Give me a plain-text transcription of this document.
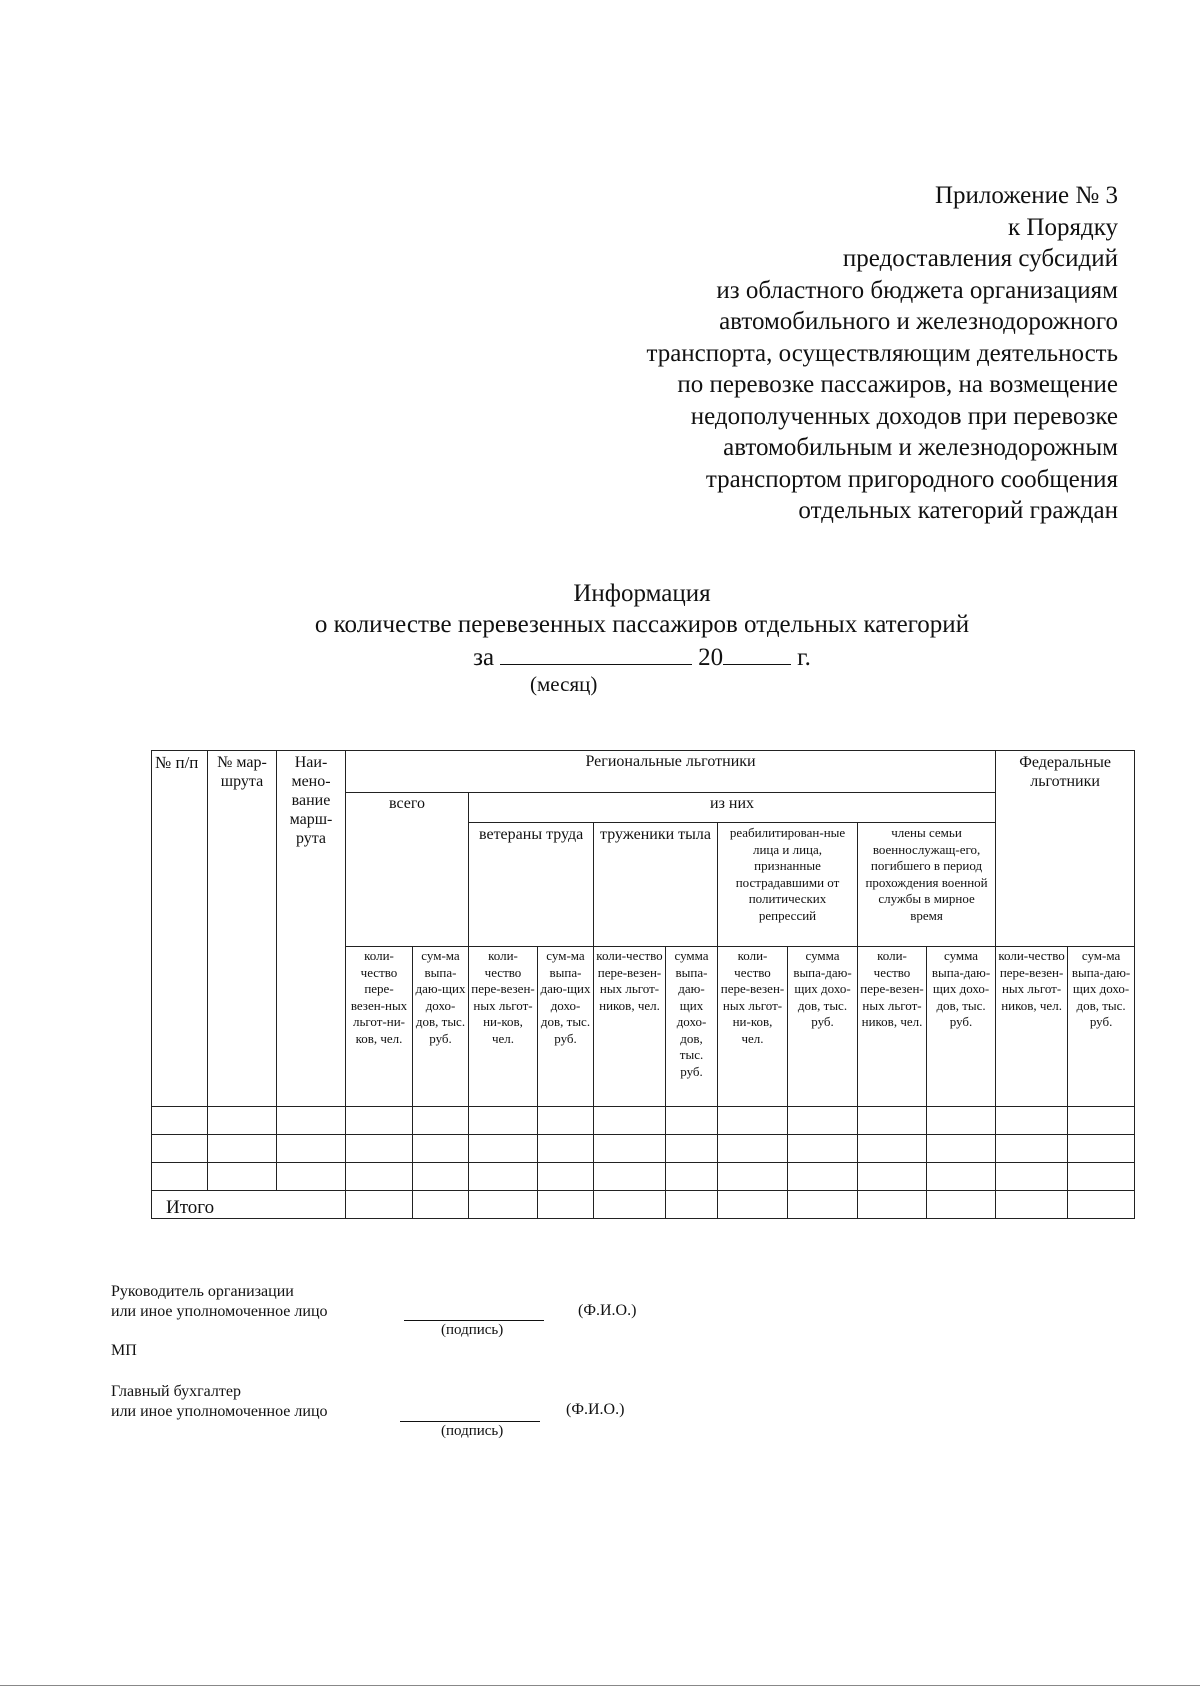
Приложение № 3
к Порядку
предоставления субсидий
из областного бюджета организациям
автомобильного и железнодорожного
транспорта, осуществляющим деятельность
по перевозке пассажиров, на возмещение
недополученных доходов при перевозке
автомобильным и железнодорожным
транспортом пригородного сообщения
отдельных категорий граждан
Информация
о количестве перевезенных пассажиров отдельных категорий
за	20	г.
(месяц)
№ п/п	№ мар-шрута	Наи-мено-вание марш-рута	Региональные льготники										Федеральные льготники	
			всего		из них									
					ветераны труда		труженики тыла		реабилитирован-ные лица и лица, признанные пострадавшими от политических репрессий		члены семьи военнослужащ-его, погибшего в период прохождения военной службы в мирное время			
			коли-чество пере-везен-ных льгот-ни-ков, чел.	сум-ма выпа-даю-щих дохо-дов, тыс. руб.	коли-чество пере-везен-ных льгот-ни-ков, чел.	сум-ма выпа-даю-щих дохо-дов, тыс. руб.	коли-чество пере-везен-ных льгот-ников, чел.	сумма выпа-даю-щих дохо-дов, тыс. руб.	коли-чество пере-везен-ных льгот-ни-ков, чел.	сумма выпа-даю-щих дохо-дов, тыс. руб.	коли-чество пере-везен-ных льгот-ников, чел.	сумма выпа-даю-щих дохо-дов, тыс. руб.	коли-чество пере-везен-ных льгот-ников, чел.	сум-ма выпа-даю-щих дохо-дов, тыс. руб.

Итого														
Руководитель организации
или иное уполномоченное лицо	(Ф.И.О.)
(подпись)
МП
Главный бухгалтер
или иное уполномоченное лицо	(Ф.И.О.)
(подпись)
